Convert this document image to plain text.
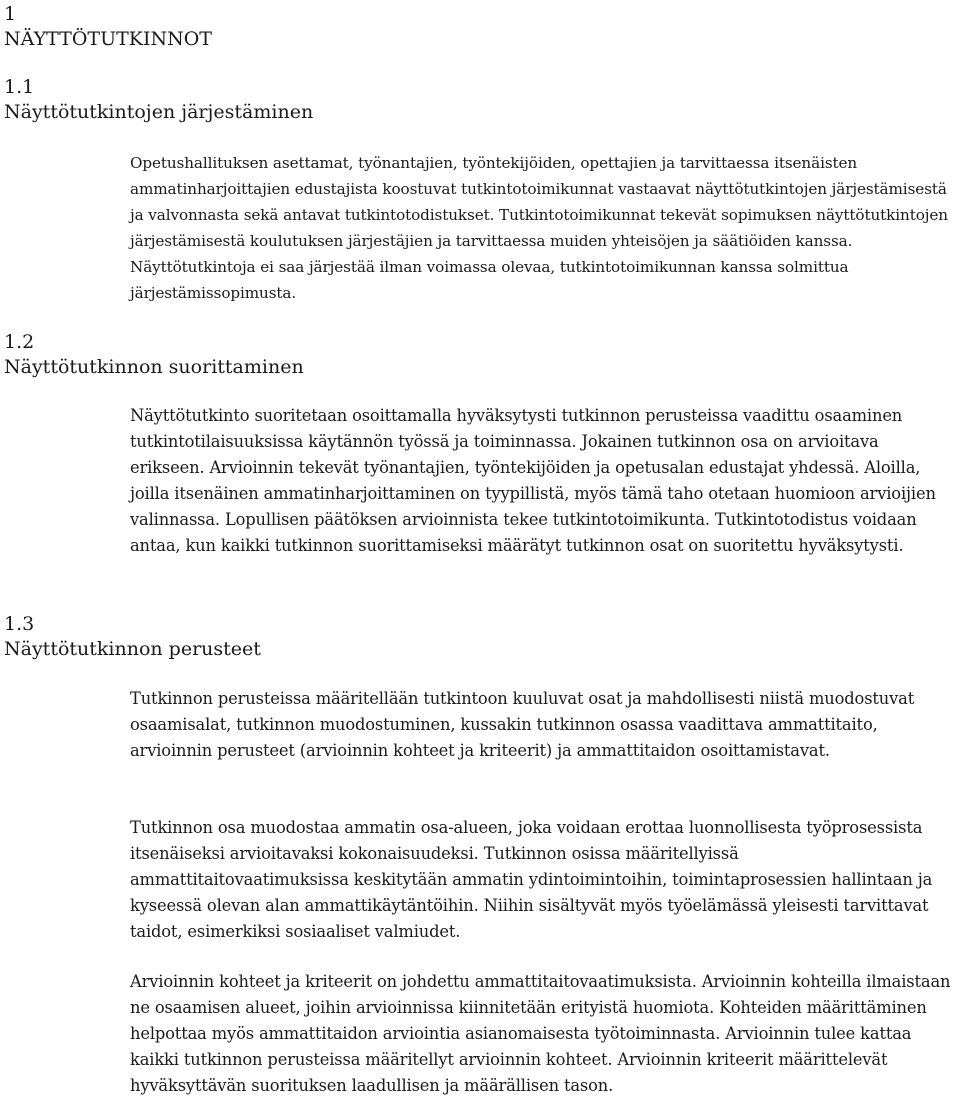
1
NÄYTTÖTUTKINNOT
1.1
Näyttötutkintojen järjestäminen

Opetushallituksen asettamat, työnantajien, työntekijöiden, opettajien ja tarvittaessa itsenäisten ammatinharjoittajien edustajista koostuvat tutkintotoimikunnat vastaavat näyttötutkintojen järjestämisestä ja valvonnasta sekä antavat tutkintotodistukset. Tutkintotoimikunnat tekevät sopimuksen näyttötutkintojen järjestämisestä koulutuksen järjestäjien ja tarvittaessa muiden yhteisöjen ja säätiöiden kanssa. Näyttötutkintoja ei saa järjestää ilman voimassa olevaa, tutkintotoimikunnan kanssa solmittua järjestämissopimusta.

1.2
Näyttötutkinnon suorittaminen

Näyttötutkinto suoritetaan osoittamalla hyväksytysti tutkinnon perusteissa vaadittu osaaminen tutkintotilaisuuksissa käytännön työssä ja toiminnassa. Jokainen tutkinnon osa on arvioitava erikseen. Arvioinnin tekevät työnantajien, työntekijöiden ja opetusalan edustajat yhdessä. Aloilla, joilla itsenäinen ammatinharjoittaminen on tyypillistä, myös tämä taho otetaan huomioon arvioijien valinnassa. Lopullisen päätöksen arvioinnista tekee tutkintotoimikunta. Tutkintotodistus voidaan antaa, kun kaikki tutkinnon suorittamiseksi määrätyt tutkinnon osat on suoritettu hyväksytysti.

1.3
Näyttötutkinnon perusteet

Tutkinnon perusteissa määritellään tutkintoon kuuluvat osat ja mahdollisesti niistä muodostuvat osaamisalat, tutkinnon muodostuminen, kussakin tutkinnon osassa vaadittava ammattitaito, arvioinnin perusteet (arvioinnin kohteet ja kriteerit) ja ammattitaidon osoittamistavat.

Tutkinnon osa muodostaa ammatin osa-alueen, joka voidaan erottaa luonnollisesta työprosessista itsenäiseksi arvioitavaksi kokonaisuudeksi. Tutkinnon osissa määritellyissä ammattitaitovaatimuksissa keskitytään ammatin ydintoimintoihin, toimintaprosessien hallintaan ja kyseessä olevan alan ammattikäytäntöihin. Niihin sisältyvät myös työelämässä yleisesti tarvittavat taidot, esimerkiksi sosiaaliset valmiudet.

Arvioinnin kohteet ja kriteerit on johdettu ammattitaitovaatimuksista. Arvioinnin kohteilla ilmaistaan ne osaamisen alueet, joihin arvioinnissa kiinnitetään erityistä huomiota. Kohteiden määrittäminen helpottaa myös ammattitaidon arviointia asianomaisesta työtoiminnasta. Arvioinnin tulee kattaa kaikki tutkinnon perusteissa määritellyt arvioinnin kohteet. Arvioinnin kriteerit määrittelevät hyväksyttävän suorituksen laadullisen ja määrällisen tason.
